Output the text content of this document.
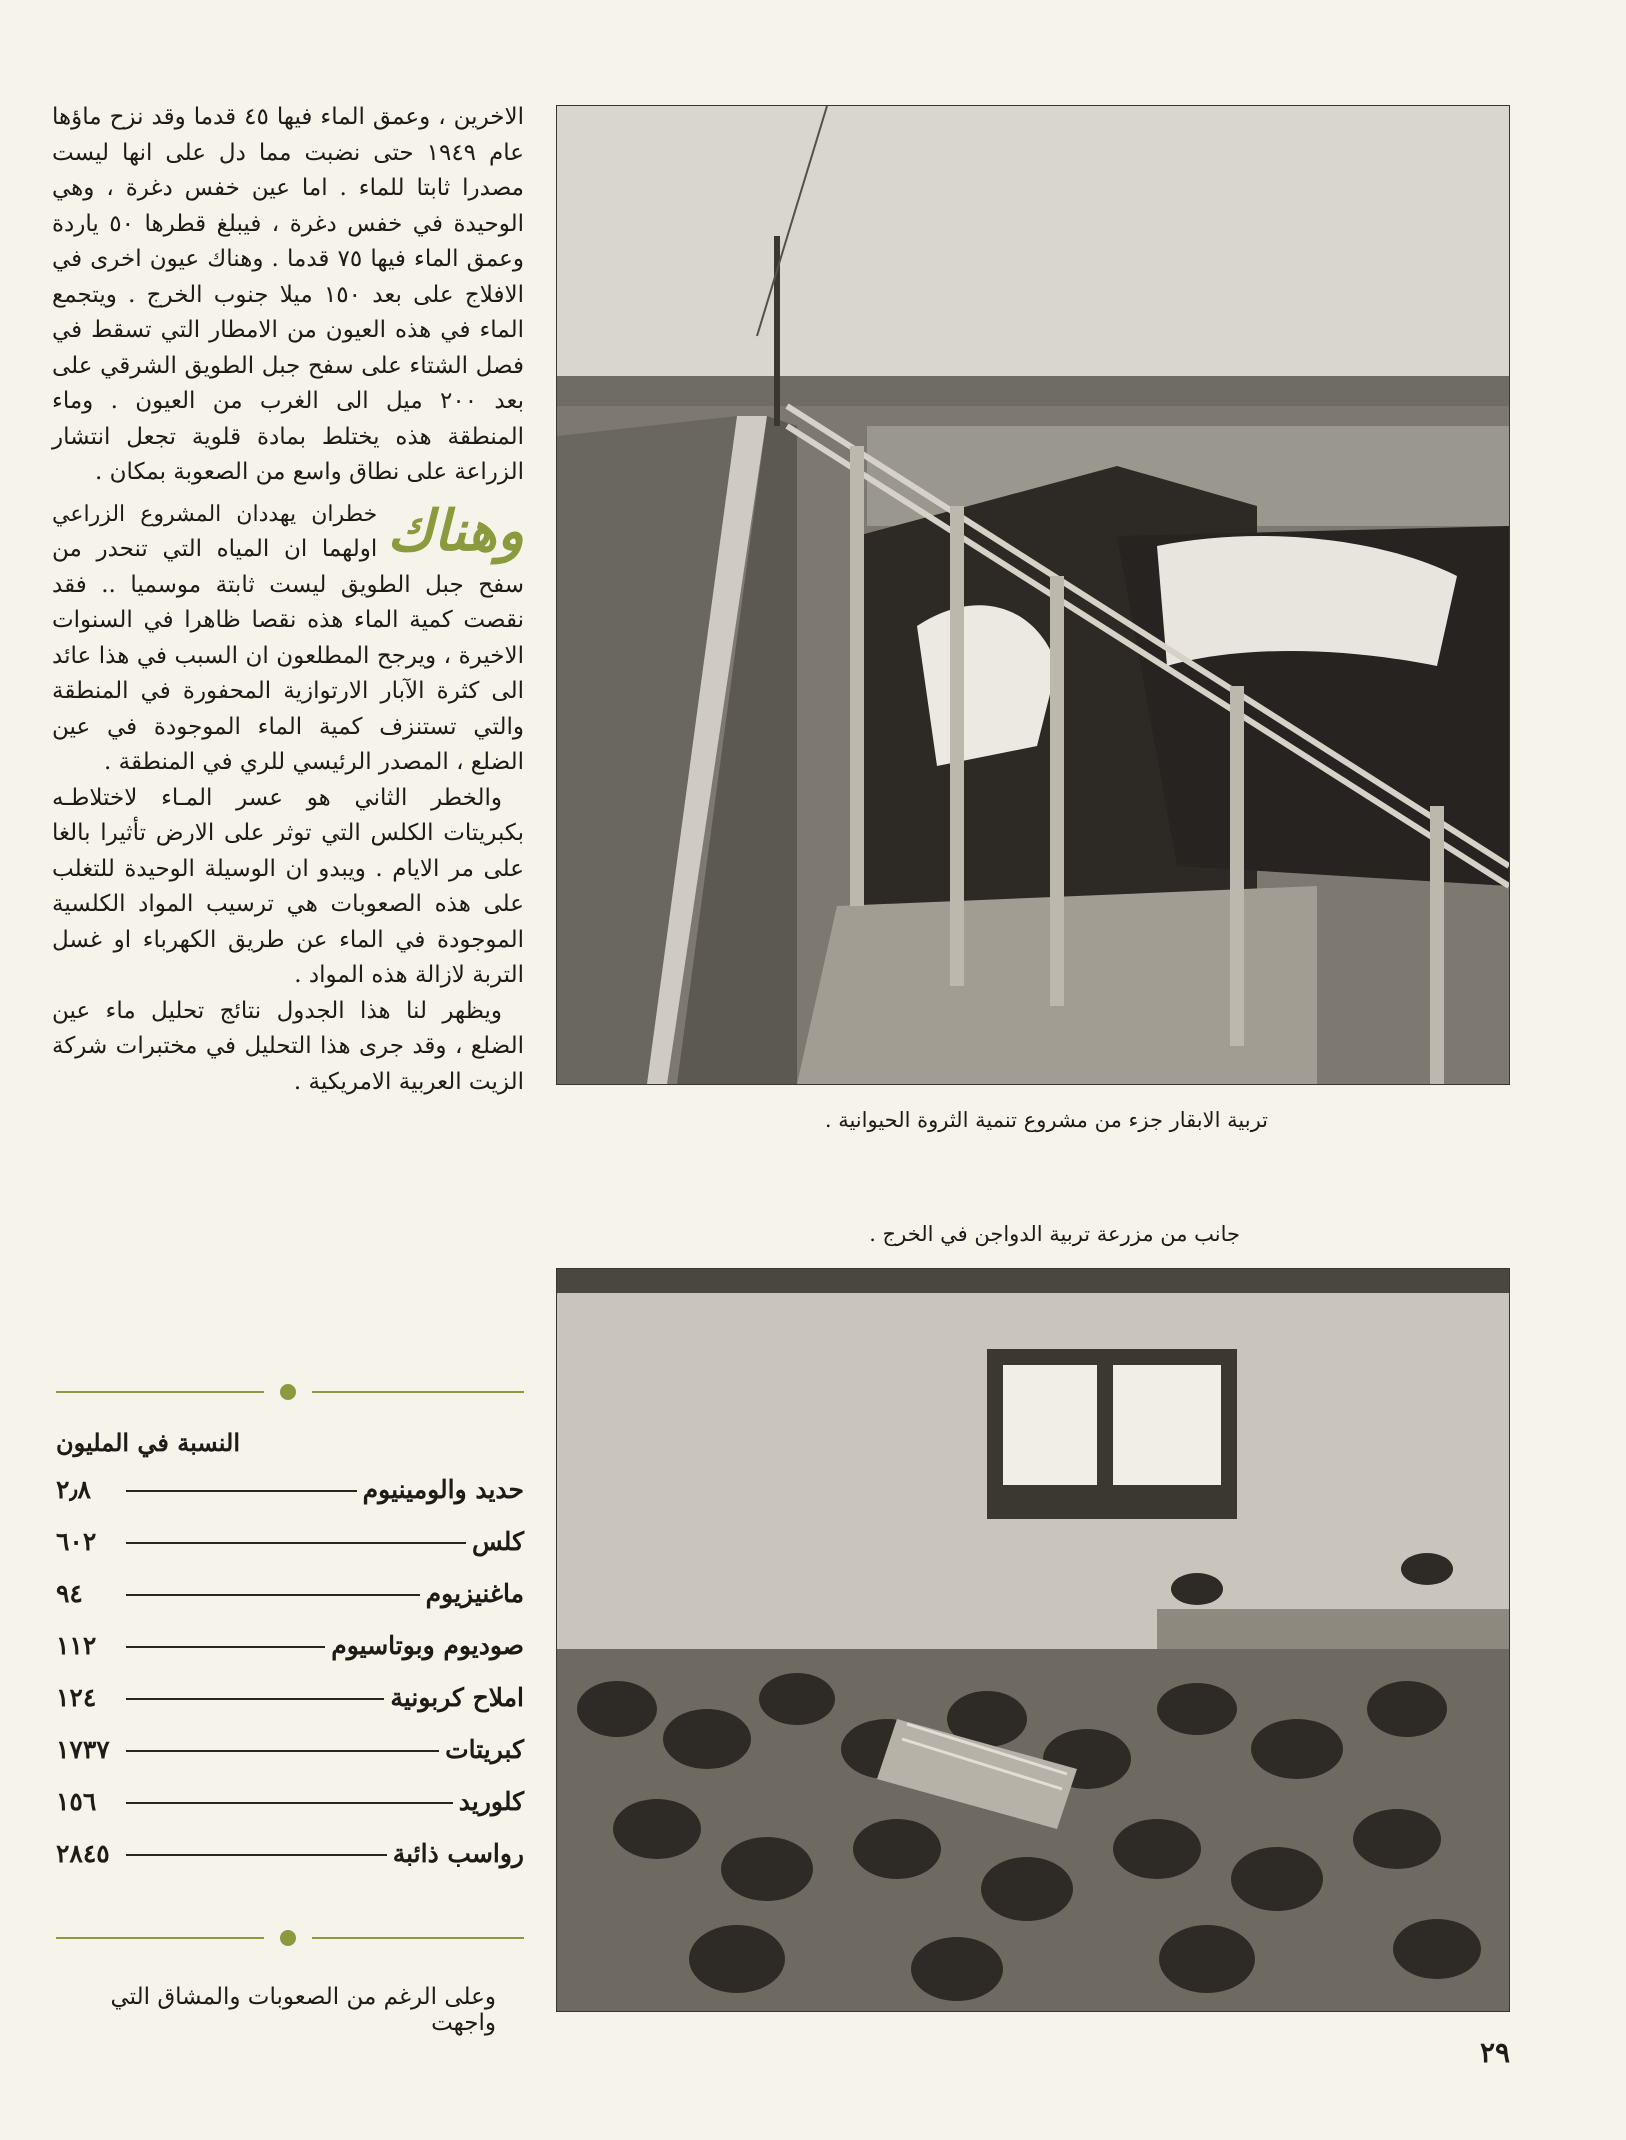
الاخرين ، وعمق الماء فيها ٤٥ قدما وقد نزح ماؤها عام ١٩٤٩ حتى نضبت مما دل على انها ليست مصدرا ثابتا للماء . اما عين خفس دغرة ، وهي الوحيدة في خفس دغرة ، فيبلغ قطرها ٥٠ ياردة وعمق الماء فيها ٧٥ قدما . وهناك عيون اخرى في الافلاج على بعد ١٥٠ ميلا جنوب الخرج . ويتجمع الماء في هذه العيون من الامطار التي تسقط في فصل الشتاء على سفح جبل الطويق الشرقي على بعد ٢٠٠ ميل الى الغرب من العيون . وماء المنطقة هذه يختلط بمادة قلوية تجعل انتشار الزراعة على نطاق واسع من الصعوبة بمكان .

وهناك
خطران يهددان المشروع الزراعي اولهما ان المياه التي تنحدر من سفح جبل الطويق ليست ثابتة موسميا .. فقد نقصت كمية الماء هذه نقصا ظاهرا في السنوات الاخيرة ، ويرجح المطلعون ان السبب في هذا عائد الى كثرة الآبار الارتوازية المحفورة في المنطقة والتي تستنزف كمية الماء الموجودة في عين الضلع ، المصدر الرئيسي للري في المنطقة .

والخطر الثاني هو عسر المـاء لاختلاطـه بكبريتات الكلس التي توثر على الارض تأثيرا بالغا على مر الايام . ويبدو ان الوسيلة الوحيدة للتغلب على هذه الصعوبات هي ترسيب المواد الكلسية الموجودة في الماء عن طريق الكهرباء او غسل التربة لازالة هذه المواد .

ويظهر لنا هذا الجدول نتائج تحليل ماء عين الضلع ، وقد جرى هذا التحليل في مختبرات شركة الزيت العربية الامريكية .

النسبة في المليون
حديد والومينيوم
٢٫٨
كلس
٦٠٢
ماغنيزيوم
٩٤
صوديوم وبوتاسيوم
١١٢
املاح كربونية
١٢٤
كبريتات
١٧٣٧
كلوريد
١٥٦
رواسب ذائبة
٢٨٤٥
وعلى الرغم من الصعوبات والمشاق التي واجهت
تربية الابقار جزء من مشروع تنمية الثروة الحيوانية .
جانب من مزرعة تربية الدواجن في الخرج .
٢٩
